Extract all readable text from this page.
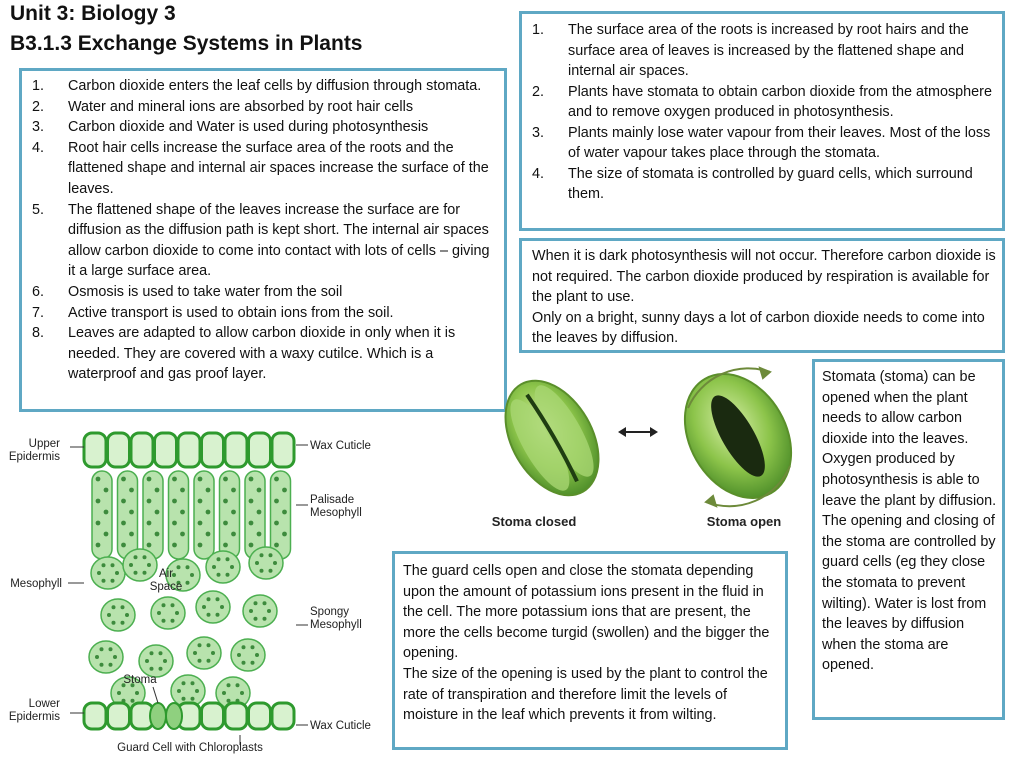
Unit 3: Biology 3
B3.1.3 Exchange Systems in Plants
1. Carbon dioxide enters the leaf cells by diffusion through stomata.
2. Water and mineral ions are absorbed by root hair cells
3. Carbon dioxide and Water is used during photosynthesis
4. Root hair cells increase the surface area of the roots and the flattened shape and internal air spaces increase the surface of the leaves.
5. The flattened shape of the leaves increase the surface are for diffusion as the diffusion path is kept short. The internal air spaces allow carbon dioxide to come into contact with lots of cells – giving it a large surface area.
6. Osmosis is used to take water from the soil
7. Active transport is used to obtain ions from the soil.
8. Leaves are adapted to allow carbon dioxide in only when it is needed. They are covered with a waxy cutilce. Which is a waterproof and gas proof layer.
1. The surface area of the roots is increased by root hairs and the surface area of leaves is increased by the flattened shape and internal air spaces.
2. Plants have stomata to obtain carbon dioxide from the atmosphere and to remove oxygen produced in photosynthesis.
3. Plants mainly lose water vapour from their leaves. Most of the loss of water vapour takes place through the stomata.
4. The size of stomata is controlled by guard cells, which surround them.

When it is dark photosynthesis will not occur. Therefore carbon dioxide is not required. The carbon dioxide produced by respiration is available for the plant to use.

Only on a bright, sunny days a lot of carbon dioxide needs to come into the leaves by diffusion.

Stomata (stoma) can be opened when the plant needs to allow carbon dioxide into the leaves. Oxygen produced by photosynthesis is able to leave the plant by diffusion.

The opening and closing of the stoma are controlled by guard cells (eg they close the stomata to prevent wilting). Water is lost from the leaves by diffusion when the stoma are opened.

The guard cells open and close the stomata depending upon the amount of potassium ions present in the fluid in the cell. The more potassium ions that are present, the more the cells become turgid (swollen) and the bigger the opening.

The size of the opening is used by the plant to control the rate of transpiration and therefore limit the levels of moisture in the leaf which prevents it from wilting.

Stoma closed	Stoma open
Upper Epidermis
Wax Cuticle
Palisade Mesophyll
Mesophyll
Air Space
Spongy Mesophyll
Stoma
Lower Epidermis
Wax Cuticle
Guard Cell with Chloroplasts
